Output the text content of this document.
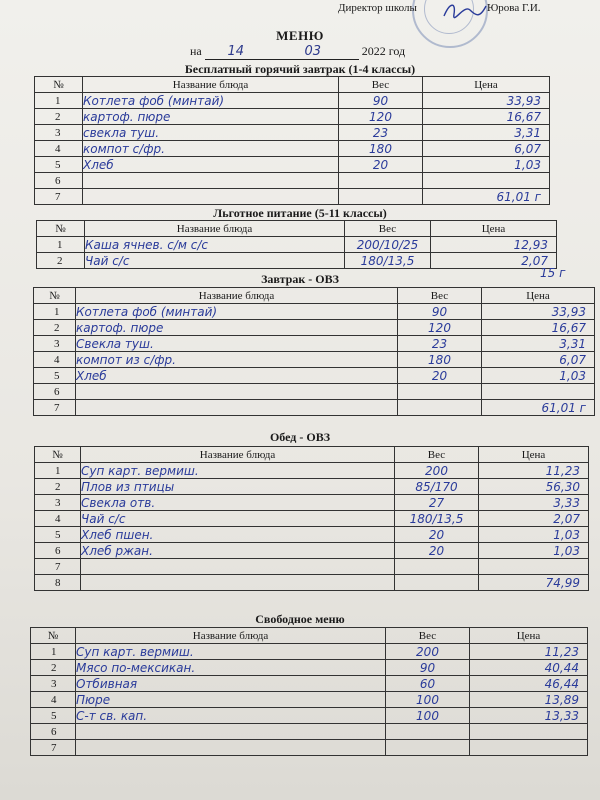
Директор школы	Юрова Г.И.
МЕНЮ
на 14	03	2022 год
Бесплатный горячий завтрак (1-4 классы)
№	Название блюда	Вес	Цена
1	Котлета фоб (минтай)	90	33,93
2	картоф. пюре	120	16,67
3	свекла туш.	23	3,31
4	компот с/фр.	180	6,07
5	Хлеб	20	1,03
6			
7			61,01 г
Льготное питание (5-11 классы)
№	Название блюда	Вес	Цена
1	Каша ячнев. с/м с/с	200/10/25	12,93
2	Чай с/с	180/13,5	2,07
15 г
Завтрак - ОВЗ
№	Название блюда	Вес	Цена
1	Котлета фоб (минтай)	90	33,93
2	картоф. пюре	120	16,67
3	Свекла туш.	23	3,31
4	компот из с/фр.	180	6,07
5	Хлеб	20	1,03
6			
7			61,01 г
Обед - ОВЗ
№	Название блюда	Вес	Цена
1	Суп карт. вермиш.	200	11,23
2	Плов из птицы	85/170	56,30
3	Свекла отв.	27	3,33
4	Чай с/с	180/13,5	2,07
5	Хлеб пшен.	20	1,03
6	Хлеб ржан.	20	1,03
7			
8			74,99
Свободное меню
№	Название блюда	Вес	Цена
1	Суп карт. вермиш.	200	11,23
2	Мясо по-мексикан.	90	40,44
3	Отбивная	60	46,44
4	Пюре	100	13,89
5	С-т св. кап.	100	13,33
6			
7			
